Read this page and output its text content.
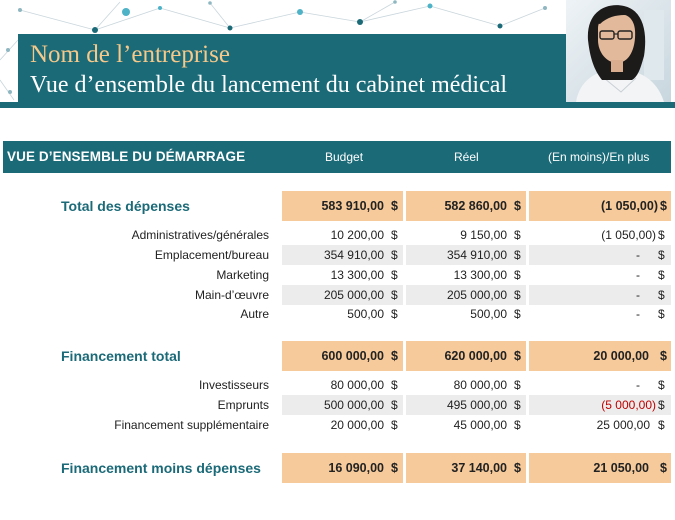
Nom de l’entreprise
Vue d’ensemble du lancement du cabinet médical
VUE D’ENSEMBLE DU DÉMARRAGE	Budget	Réel	(En moins)/En plus
Total des dépenses	583 910,00 $	582 860,00 $	(1 050,00) $
Administratives/générales	10 200,00 $	9 150,00 $	(1 050,00) $
Emplacement/bureau	354 910,00 $	354 910,00 $	- $
Marketing	13 300,00 $	13 300,00 $	- $
Main-d’œuvre	205 000,00 $	205 000,00 $	- $
Autre	500,00 $	500,00 $	- $
Financement total	600 000,00 $	620 000,00 $	20 000,00 $
Investisseurs	80 000,00 $	80 000,00 $	- $
Emprunts	500 000,00 $	495 000,00 $	(5 000,00) $
Financement supplémentaire	20 000,00 $	45 000,00 $	25 000,00 $
Financement moins dépenses	16 090,00 $	37 140,00 $	21 050,00 $
